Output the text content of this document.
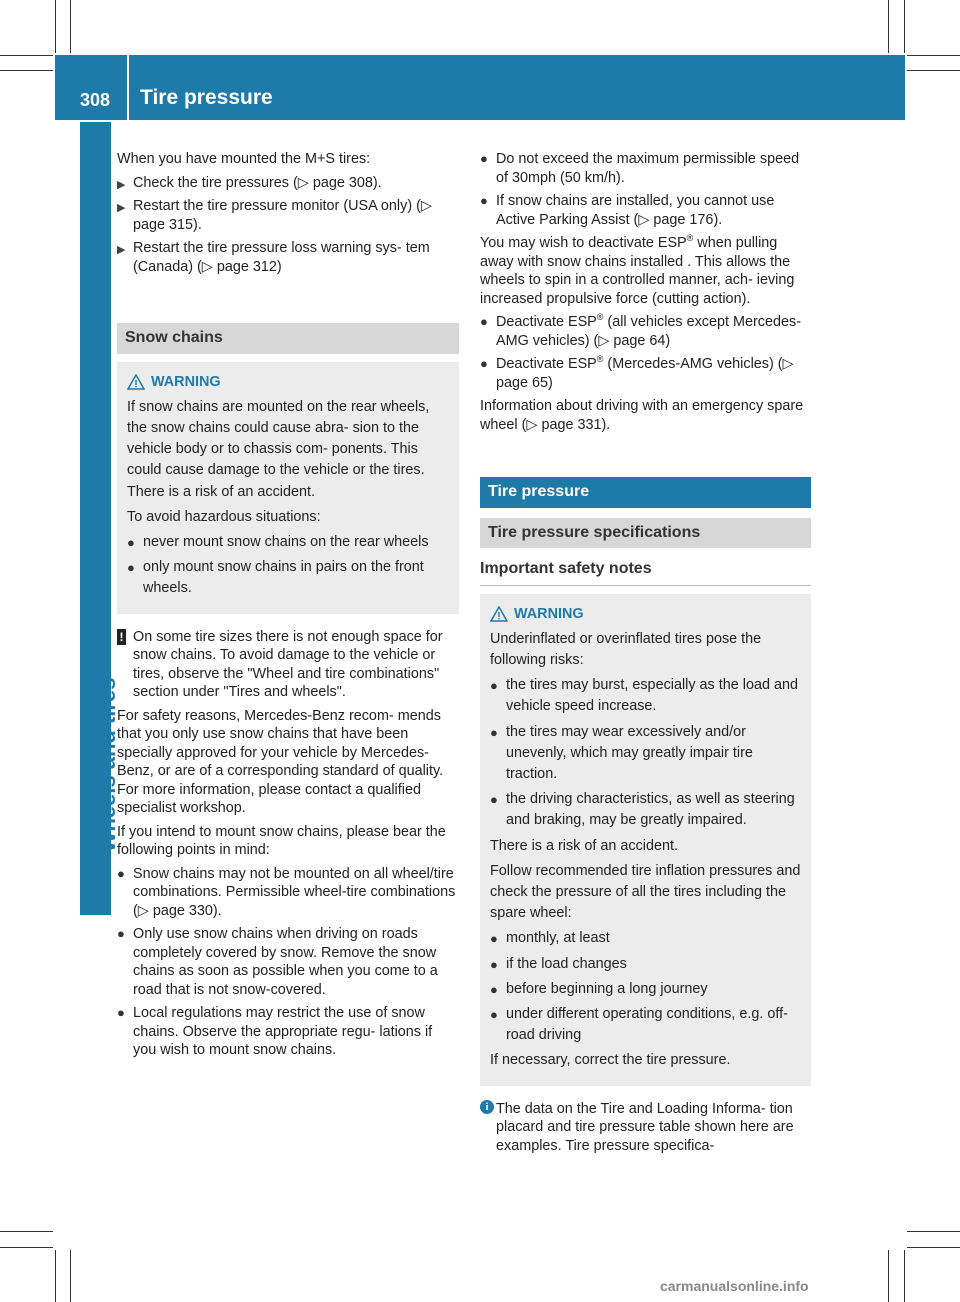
308 Tire pressure
Wheels and tires

When you have mounted the M+S tires:

▶ Check the tire pressures (▷ page 308).
▶ Restart the tire pressure monitor (USA only) (▷ page 315).
▶ Restart the tire pressure loss warning sys- tem (Canada) (▷ page 312)
Snow chains
WARNING

If snow chains are mounted on the rear wheels, the snow chains could cause abra- sion to the vehicle body or to chassis com- ponents. This could cause damage to the vehicle or the tires. There is a risk of an accident.

To avoid hazardous situations:

● never mount snow chains on the rear wheels
● only mount snow chains in pairs on the front wheels.
! On some tire sizes there is not enough space for snow chains. To avoid damage to the vehicle or tires, observe the "Wheel and tire combinations" section under "Tires and wheels".

For safety reasons, Mercedes-Benz recom- mends that you only use snow chains that have been specially approved for your vehicle by Mercedes-Benz, or are of a corresponding standard of quality. For more information, please contact a qualified specialist workshop.

If you intend to mount snow chains, please bear the following points in mind:

● Snow chains may not be mounted on all wheel/tire combinations. Permissible wheel-tire combinations (▷ page 330).
● Only use snow chains when driving on roads completely covered by snow. Remove the snow chains as soon as possible when you come to a road that is not snow-covered.
● Local regulations may restrict the use of snow chains. Observe the appropriate regu- lations if you wish to mount snow chains.
● Do not exceed the maximum permissible speed of 30mph (50 km/h).
● If snow chains are installed, you cannot use Active Parking Assist (▷ page 176).

You may wish to deactivate ESP® when pulling away with snow chains installed . This allows the wheels to spin in a controlled manner, ach- ieving increased propulsive force (cutting action).

● Deactivate ESP® (all vehicles except Mercedes-AMG vehicles) (▷ page 64)
● Deactivate ESP® (Mercedes-AMG vehicles) (▷ page 65)

Information about driving with an emergency spare wheel (▷ page 331).

Tire pressure
Tire pressure specifications
Important safety notes
WARNING

Underinflated or overinflated tires pose the following risks:

● the tires may burst, especially as the load and vehicle speed increase.
● the tires may wear excessively and/or unevenly, which may greatly impair tire traction.
● the driving characteristics, as well as steering and braking, may be greatly impaired.

There is a risk of an accident.

Follow recommended tire inflation pressures and check the pressure of all the tires including the spare wheel:

● monthly, at least
● if the load changes
● before beginning a long journey
● under different operating conditions, e.g. off-road driving

If necessary, correct the tire pressure.

i The data on the Tire and Loading Informa- tion placard and tire pressure table shown here are examples. Tire pressure specifica-
carmanualsonline.info
